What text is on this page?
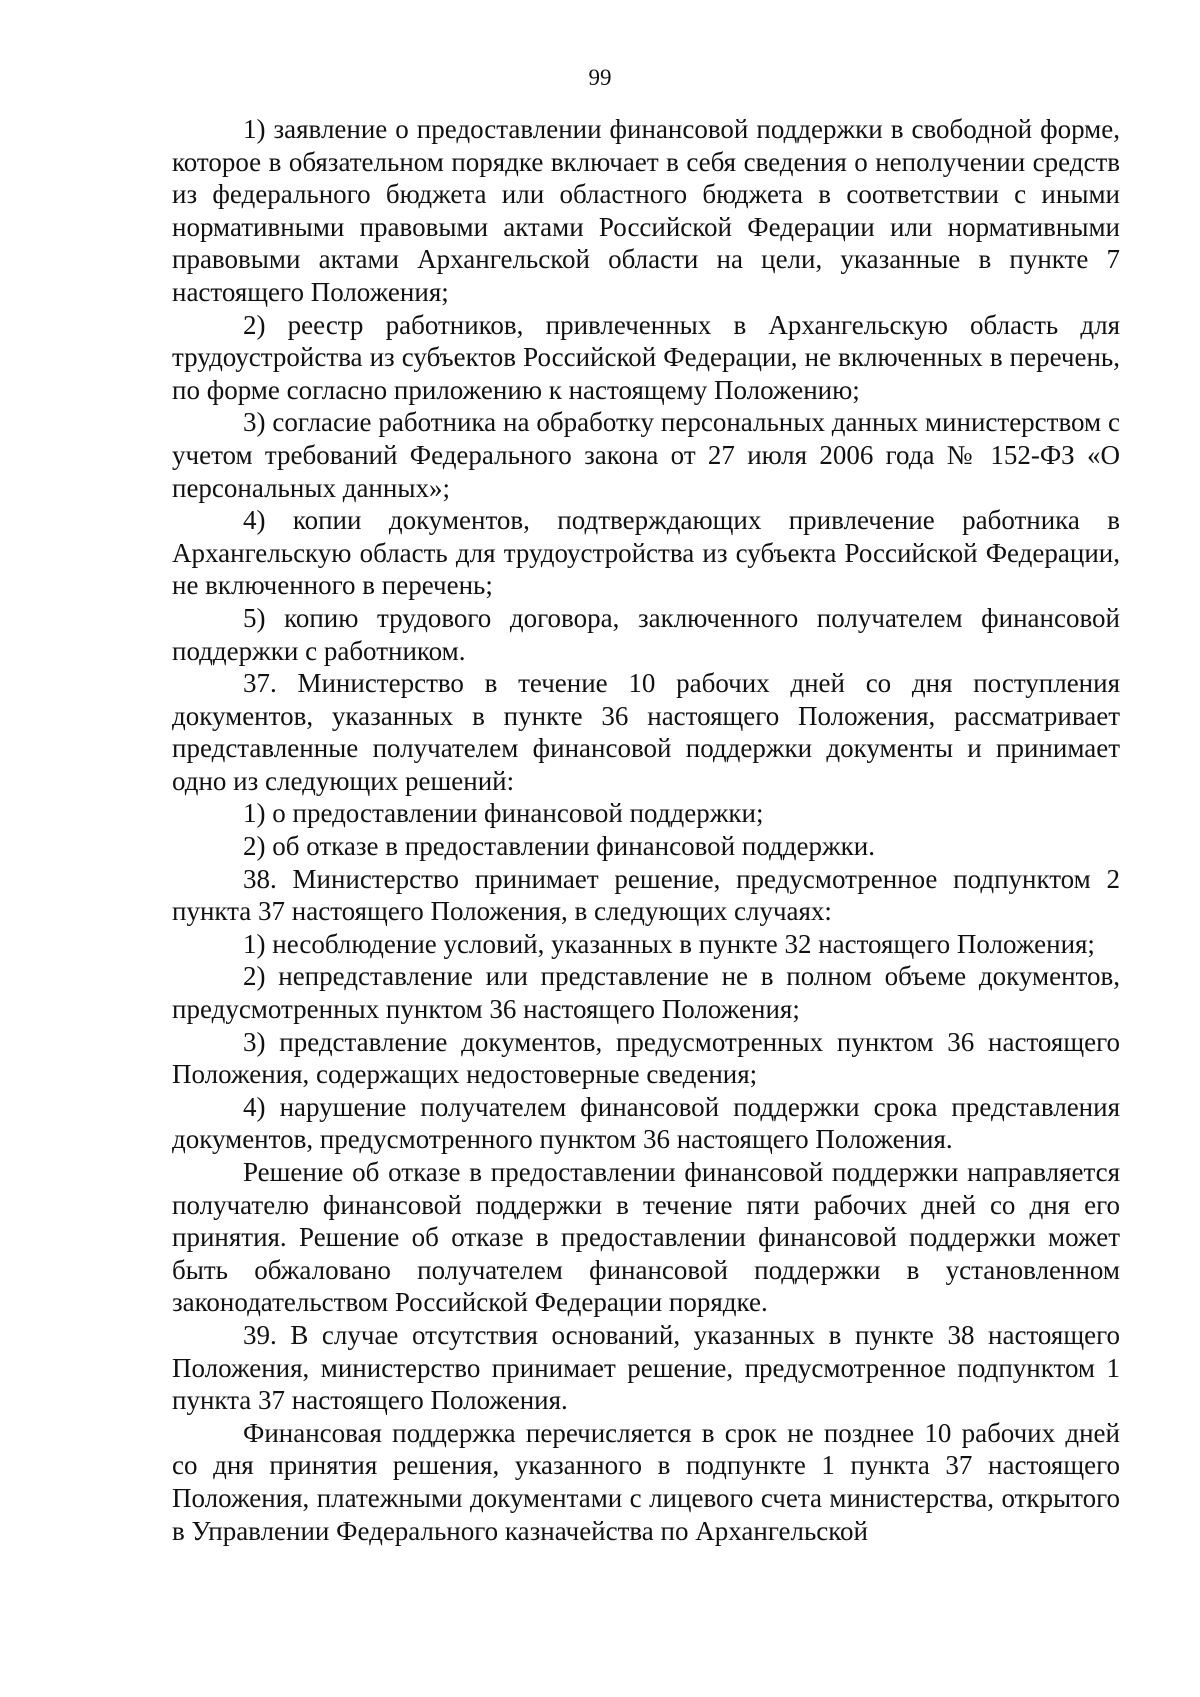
99

1) заявление о предоставлении финансовой поддержки в свободной форме, которое в обязательном порядке включает в себя сведения о неполучении средств из федерального бюджета или областного бюджета в соответствии с иными нормативными правовыми актами Российской Федерации или нормативными правовыми актами Архангельской области на цели, указанные в пункте 7 настоящего Положения;

2) реестр работников, привлеченных в Архангельскую область для трудоустройства из субъектов Российской Федерации, не включенных в перечень, по форме согласно приложению к настоящему Положению;

3) согласие работника на обработку персональных данных министерством с учетом требований Федерального закона от 27 июля 2006 года № 152-ФЗ «О персональных данных»;

4) копии документов, подтверждающих привлечение работника в Архангельскую область для трудоустройства из субъекта Российской Федерации, не включенного в перечень;

5) копию трудового договора, заключенного получателем финансовой поддержки с работником.

37. Министерство в течение 10 рабочих дней со дня поступления документов, указанных в пункте 36 настоящего Положения, рассматривает представленные получателем финансовой поддержки документы и принимает одно из следующих решений:

1) о предоставлении финансовой поддержки;

2) об отказе в предоставлении финансовой поддержки.

38. Министерство принимает решение, предусмотренное подпунктом 2 пункта 37 настоящего Положения, в следующих случаях:

1) несоблюдение условий, указанных в пункте 32 настоящего Положения;

2) непредставление или представление не в полном объеме документов, предусмотренных пунктом 36 настоящего Положения;

3) представление документов, предусмотренных пунктом 36 настоящего Положения, содержащих недостоверные сведения;

4) нарушение получателем финансовой поддержки срока представления документов, предусмотренного пунктом 36 настоящего Положения.

Решение об отказе в предоставлении финансовой поддержки направляется получателю финансовой поддержки в течение пяти рабочих дней со дня его принятия. Решение об отказе в предоставлении финансовой поддержки может быть обжаловано получателем финансовой поддержки в установленном законодательством Российской Федерации порядке.

39. В случае отсутствия оснований, указанных в пункте 38 настоящего Положения, министерство принимает решение, предусмотренное подпунктом 1 пункта 37 настоящего Положения.

Финансовая поддержка перечисляется в срок не позднее 10 рабочих дней со дня принятия решения, указанного в подпункте 1 пункта 37 настоящего Положения, платежными документами с лицевого счета министерства, открытого в Управлении Федерального казначейства по Архангельской
